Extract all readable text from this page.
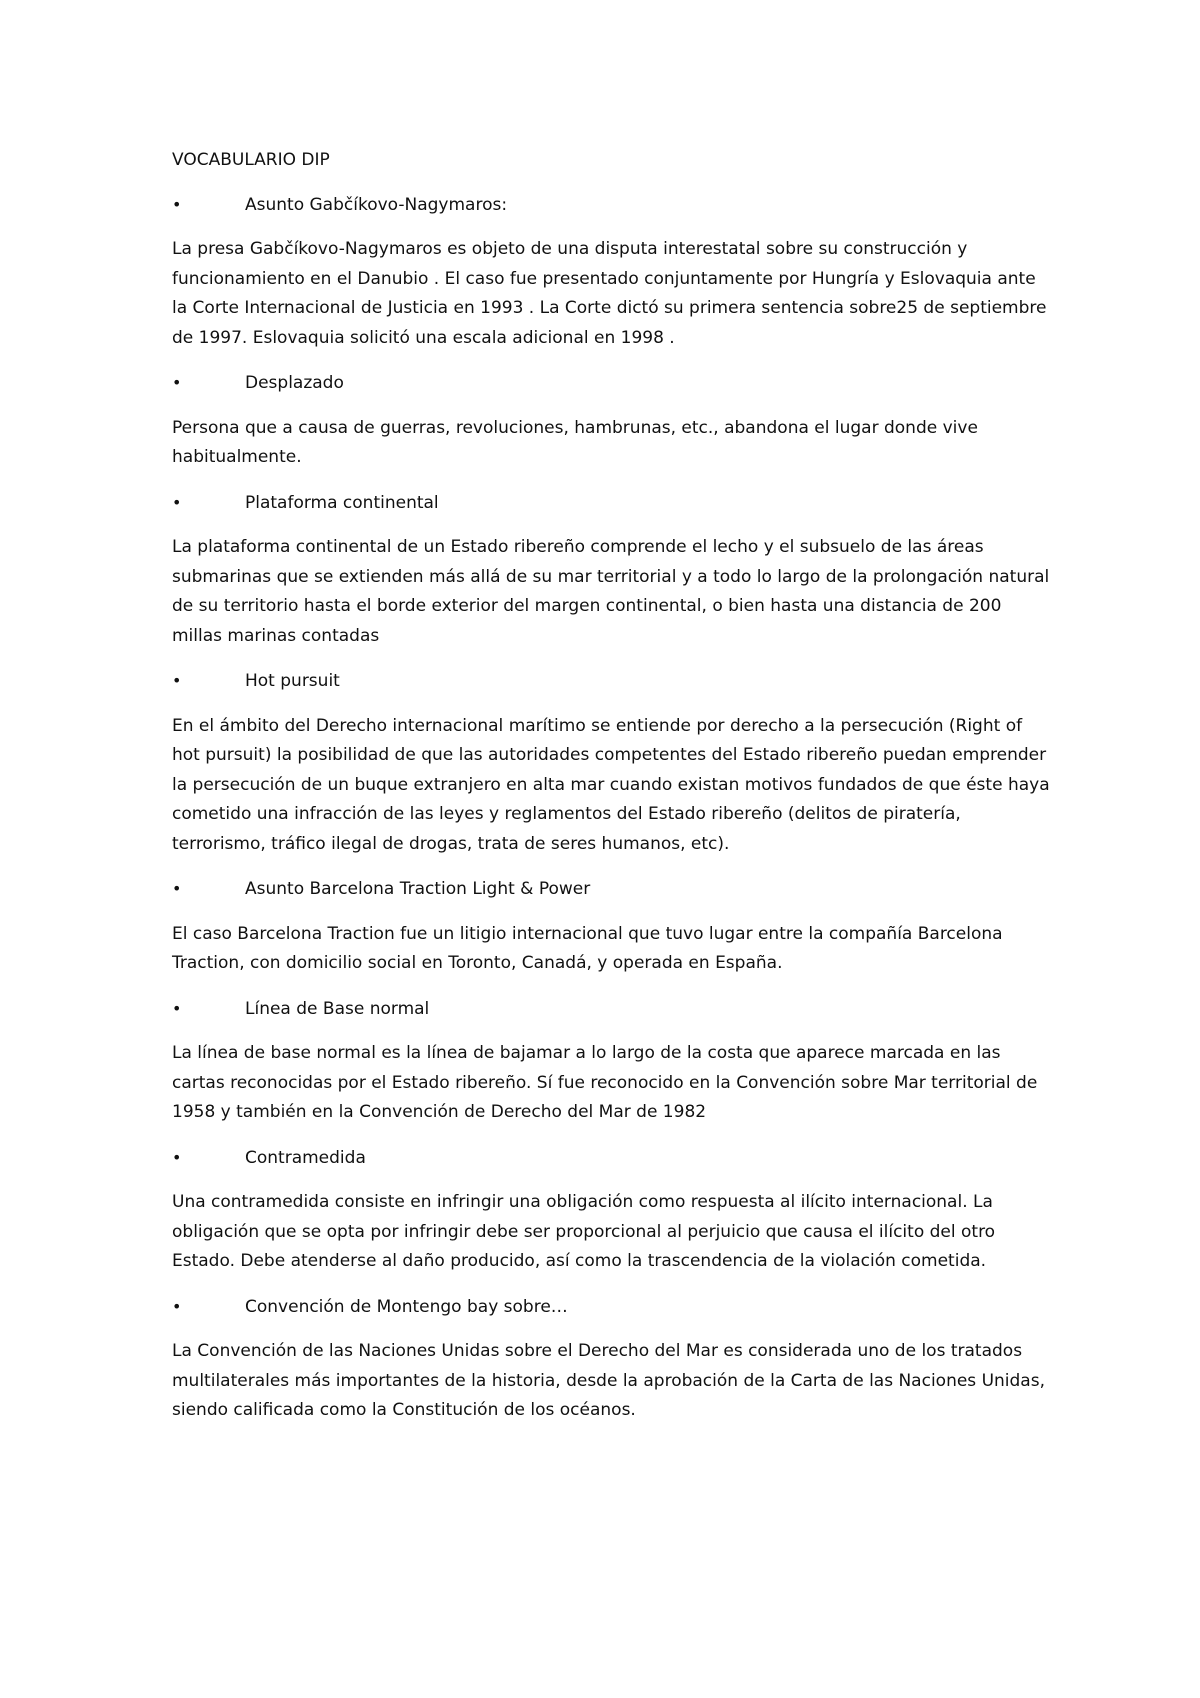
VOCABULARIO DIP

•	Asunto Gabčíkovo-Nagymaros:

La presa Gabčíkovo-Nagymaros es objeto de una disputa interestatal sobre su construcción y funcionamiento en el Danubio . El caso fue presentado conjuntamente por Hungría y Eslovaquia ante la Corte Internacional de Justicia en 1993 . La Corte dictó su primera sentencia sobre25 de septiembre de 1997. Eslovaquia solicitó una escala adicional en 1998 .

•	Desplazado

Persona que a causa de guerras, revoluciones, hambrunas, etc., abandona el lugar donde vive habitualmente.

•	Plataforma continental

La plataforma continental de un Estado ribereño comprende el lecho y el subsuelo de las áreas submarinas que se extienden más allá de su mar territorial y a todo lo largo de la prolongación natural de su territorio hasta el borde exterior del margen continental, o bien hasta una distancia de 200 millas marinas contadas

•	Hot pursuit

En el ámbito del Derecho internacional marítimo se entiende por derecho a la persecución (Right of hot pursuit) la posibilidad de que las autoridades competentes del Estado ribereño puedan emprender la persecución de un buque extranjero en alta mar cuando existan motivos fundados de que éste haya cometido una infracción de las leyes y reglamentos del Estado ribereño (delitos de piratería, terrorismo, tráfico ilegal de drogas, trata de seres humanos, etc).

•	Asunto Barcelona Traction Light & Power

El caso Barcelona Traction fue un litigio internacional que tuvo lugar entre la compañía Barcelona Traction, con domicilio social en Toronto, Canadá, y operada en España.

•	Línea de Base normal

La línea de base normal es la línea de bajamar a lo largo de la costa que aparece marcada en las cartas reconocidas por el Estado ribereño. Sí fue reconocido en la Convención sobre Mar territorial de 1958 y también en la Convención de Derecho del Mar de 1982

•	Contramedida

Una contramedida consiste en infringir una obligación como respuesta al ilícito internacional. La obligación que se opta por infringir debe ser proporcional al perjuicio que causa el ilícito del otro Estado. Debe atenderse al daño producido, así como la trascendencia de la violación cometida.

•	Convención de Montengo bay sobre…

La Convención de las Naciones Unidas sobre el Derecho del Mar es considerada uno de los tratados multilaterales más importantes de la historia, desde la aprobación de la Carta de las Naciones Unidas, siendo calificada como la Constitución de los océanos.
